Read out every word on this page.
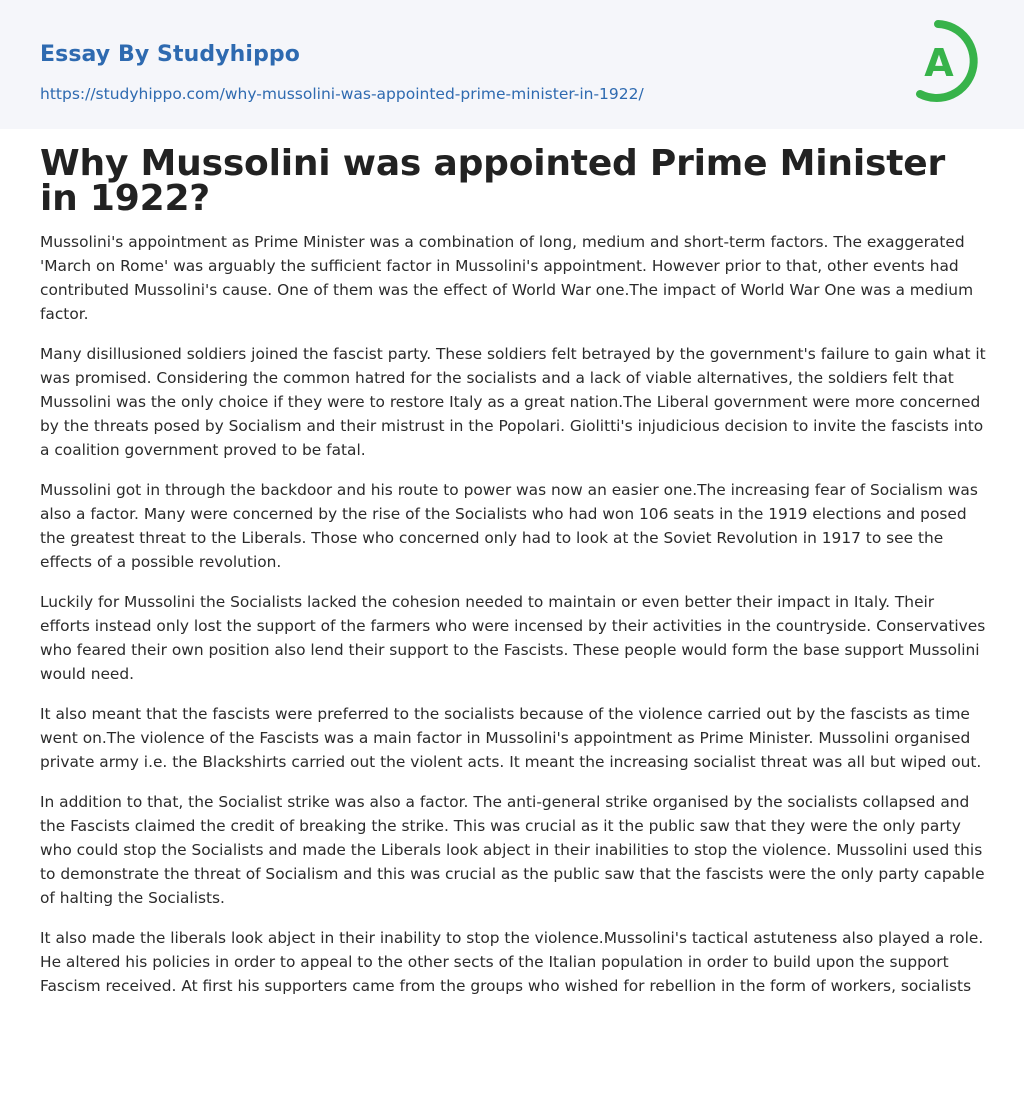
Essay By Studyhippo
https://studyhippo.com/why-mussolini-was-appointed-prime-minister-in-1922/
A
Why Mussolini was appointed Prime Minister in 1922?

Mussolini's appointment as Prime Minister was a combination of long, medium and short-term factors. The exaggerated 'March on Rome' was arguably the sufficient factor in Mussolini's appointment. However prior to that, other events had contributed Mussolini's cause. One of them was the effect of World War one.The impact of World War One was a medium factor.

Many disillusioned soldiers joined the fascist party. These soldiers felt betrayed by the government's failure to gain what it was promised. Considering the common hatred for the socialists and a lack of viable alternatives, the soldiers felt that Mussolini was the only choice if they were to restore Italy as a great nation.The Liberal government were more concerned by the threats posed by Socialism and their mistrust in the Popolari. Giolitti's injudicious decision to invite the fascists into a coalition government proved to be fatal.

Mussolini got in through the backdoor and his route to power was now an easier one.The increasing fear of Socialism was also a factor. Many were concerned by the rise of the Socialists who had won 106 seats in the 1919 elections and posed the greatest threat to the Liberals. Those who concerned only had to look at the Soviet Revolution in 1917 to see the effects of a possible revolution.

Luckily for Mussolini the Socialists lacked the cohesion needed to maintain or even better their impact in Italy. Their efforts instead only lost the support of the farmers who were incensed by their activities in the countryside. Conservatives who feared their own position also lend their support to the Fascists. These people would form the base support Mussolini would need.

It also meant that the fascists were preferred to the socialists because of the violence carried out by the fascists as time went on.The violence of the Fascists was a main factor in Mussolini's appointment as Prime Minister. Mussolini organised private army i.e. the Blackshirts carried out the violent acts. It meant the increasing socialist threat was all but wiped out.

In addition to that, the Socialist strike was also a factor. The anti-general strike organised by the socialists collapsed and the Fascists claimed the credit of breaking the strike. This was crucial as it the public saw that they were the only party who could stop the Socialists and made the Liberals look abject in their inabilities to stop the violence. Mussolini used this to demonstrate the threat of Socialism and this was crucial as the public saw that the fascists were the only party capable of halting the Socialists.

It also made the liberals look abject in their inability to stop the violence.Mussolini's tactical astuteness also played a role. He altered his policies in order to appeal to the other sects of the Italian population in order to build upon the support Fascism received. At first his supporters came from the groups who wished for rebellion in the form of workers, socialists
